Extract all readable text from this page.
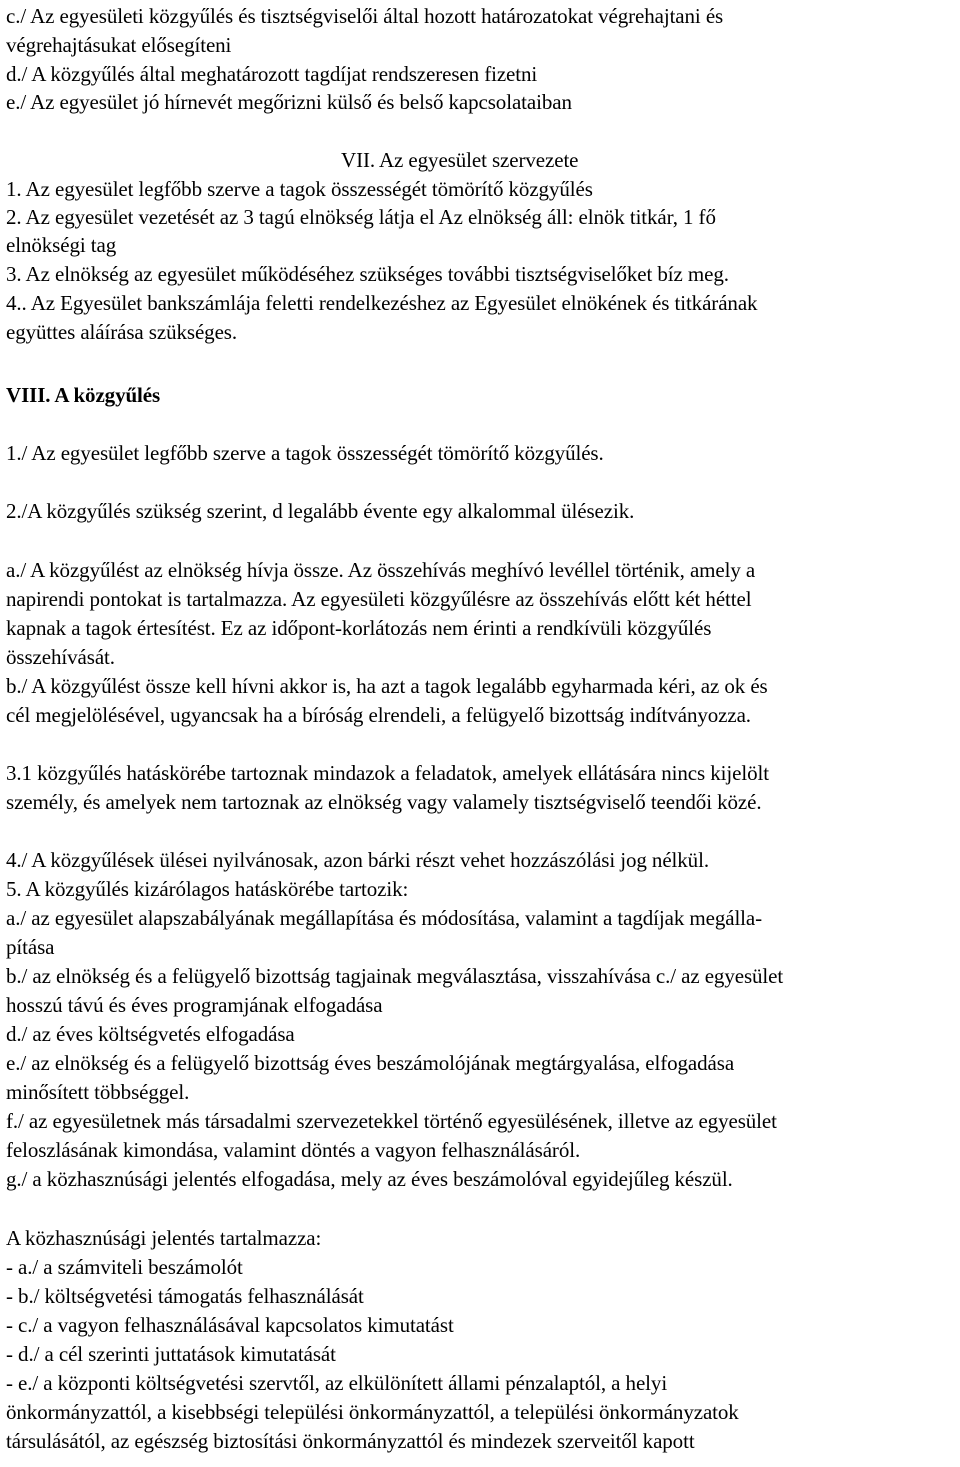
c./ Az egyesületi közgyűlés és tisztségviselői által hozott határozatokat végrehajtani és
végrehajtásukat elősegíteni
d./ A közgyűlés által meghatározott tagdíjat rendszeresen fizetni
e./ Az egyesület jó hírnevét megőrizni külső és belső kapcsolataiban
VII. Az egyesület szervezete
1. Az egyesület legfőbb szerve a tagok összességét tömörítő közgyűlés
2. Az egyesület vezetését az 3 tagú elnökség látja el Az elnökség áll: elnök titkár, 1 fő
elnökségi tag
3. Az elnökség az egyesület működéséhez szükséges további tisztségviselőket bíz meg.
4.. Az Egyesület bankszámlája feletti rendelkezéshez az Egyesület elnökének és titkárának
együttes aláírása szükséges.
VIII. A közgyűlés
1./ Az egyesület legfőbb szerve a tagok összességét tömörítő közgyűlés.
2./A közgyűlés szükség szerint, d legalább évente egy alkalommal ülésezik.
a./ A közgyűlést az elnökség hívja össze. Az összehívás meghívó levéllel történik, amely a
napirendi pontokat is tartalmazza. Az egyesületi közgyűlésre az összehívás előtt két héttel
kapnak a tagok értesítést. Ez az időpont-korlátozás nem érinti a rendkívüli közgyűlés
összehívását.
b./ A közgyűlést össze kell hívni akkor is, ha azt a tagok legalább egyharmada kéri, az ok és
cél megjelölésével, ugyancsak ha a bíróság elrendeli, a felügyelő bizottság indítványozza.
3.1 közgyűlés hatáskörébe tartoznak mindazok a feladatok, amelyek ellátására nincs kijelölt
személy, és amelyek nem tartoznak az elnökség vagy valamely tisztségviselő teendői közé.
4./ A közgyűlések ülései nyilvánosak, azon bárki részt vehet hozzászólási jog nélkül.
5. A közgyűlés kizárólagos hatáskörébe tartozik:
a./ az egyesület alapszabályának megállapítása és módosítása, valamint a tagdíjak megálla-
pítása
b./ az elnökség és a felügyelő bizottság tagjainak megválasztása, visszahívása c./ az egyesület
hosszú távú és éves programjának elfogadása
d./ az éves költségvetés elfogadása
e./ az elnökség és a felügyelő bizottság éves beszámolójának megtárgyalása, elfogadása
minősített többséggel.
f./ az egyesületnek más társadalmi szervezetekkel történő egyesülésének, illetve az egyesület
feloszlásának kimondása, valamint döntés a vagyon felhasználásáról.
g./ a közhasznúsági jelentés elfogadása, mely az éves beszámolóval egyidejűleg készül.
A közhasznúsági jelentés tartalmazza:
- a./ a számviteli beszámolót
- b./ költségvetési támogatás felhasználását
- c./ a vagyon felhasználásával kapcsolatos kimutatást
- d./ a cél szerinti juttatások kimutatását
- e./ a központi költségvetési szervtől, az elkülönített állami pénzalaptól, a helyi
önkormányzattól, a kisebbségi települési önkormányzattól, a települési önkormányzatok
társulásától, az egészség biztosítási önkormányzattól és mindezek szervеitől kapott
